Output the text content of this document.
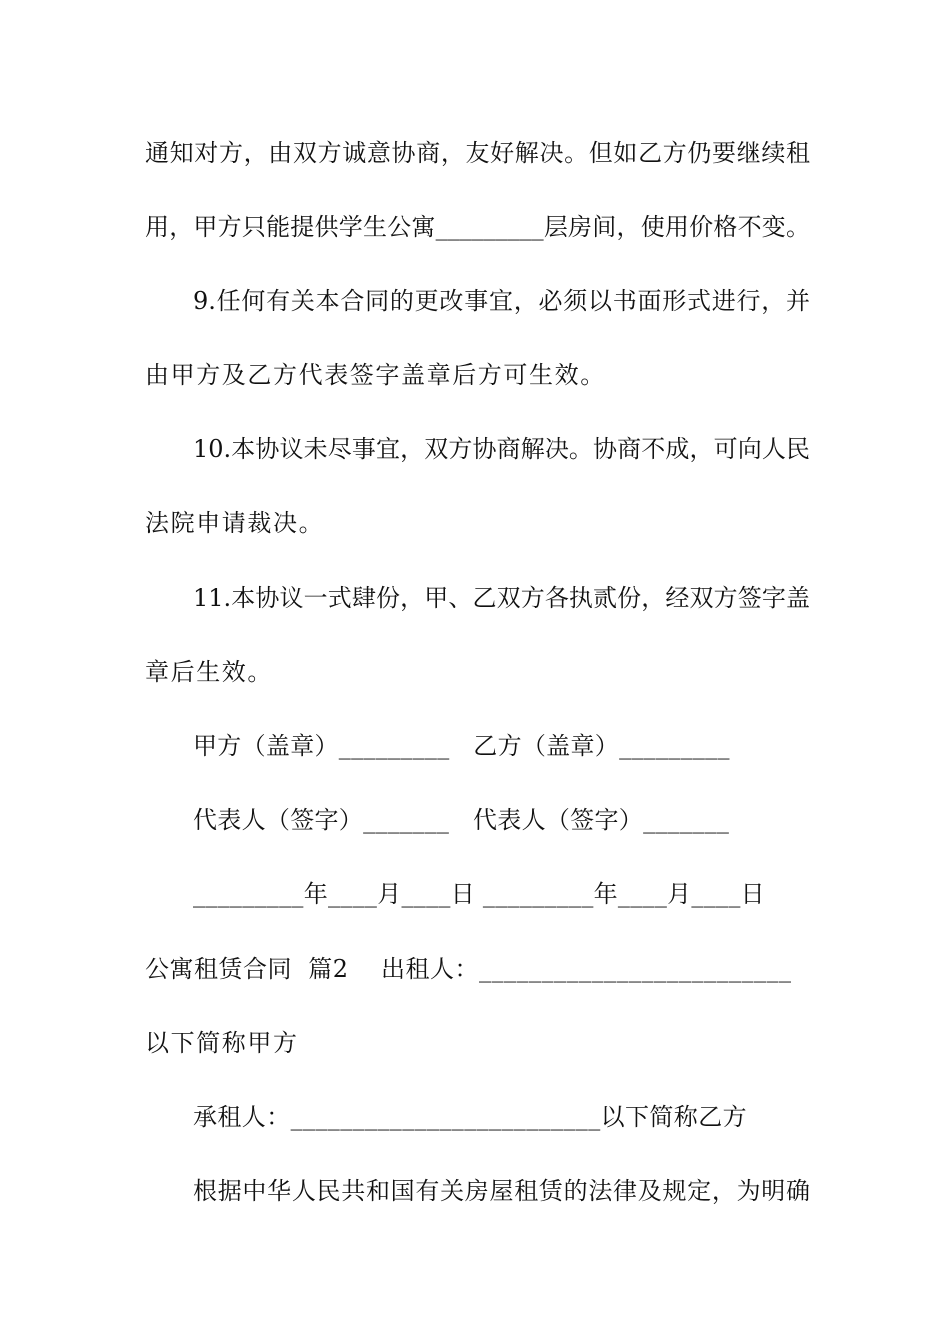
通知对方，由双方诚意协商，友好解决。但如乙方仍要继续租
用，甲方只能提供学生公寓_________层房间，使用价格不变。
9.任何有关本合同的更改事宜，必须以书面形式进行，并
由甲方及乙方代表签字盖章后方可生效。
10.本协议未尽事宜，双方协商解决。协商不成，可向人民
法院申请裁决。
11.本协议一式肆份，甲、乙双方各执贰份，经双方签字盖
章后生效。
甲方（盖章）_________   乙方（盖章）_________
代表人（签字）_______   代表人（签字）_______
_________年____月____日 _________年____月____日
公寓租赁合同  篇2    出租人：_________________________
以下简称甲方
承租人：_________________________以下简称乙方
根据中华人民共和国有关房屋租赁的法律及规定，为明确
